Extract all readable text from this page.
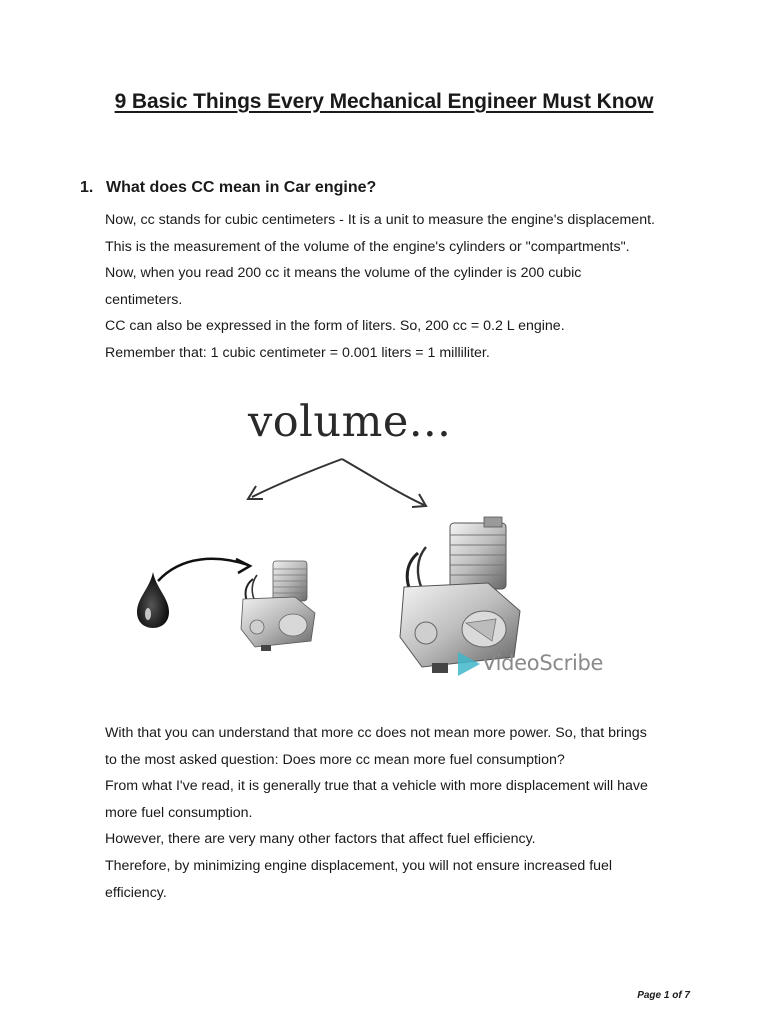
9 Basic Things Every Mechanical Engineer Must Know
1. What does CC mean in Car engine?

Now, cc stands for cubic centimeters - It is a unit to measure the engine's displacement.

This is the measurement of the volume of the engine's cylinders or "compartments".

Now, when you read 200 cc it means the volume of the cylinder is 200 cubic

centimeters.

CC can also be expressed in the form of liters. So, 200 cc = 0.2 L engine.

Remember that: 1 cubic centimeter = 0.001 liters = 1 milliliter.

volume...
VideoScribe

With that you can understand that more cc does not mean more power. So, that brings

to the most asked question: Does more cc mean more fuel consumption?

From what I've read, it is generally true that a vehicle with more displacement will have

more fuel consumption.

However, there are very many other factors that affect fuel efficiency.

Therefore, by minimizing engine displacement, you will not ensure increased fuel

efficiency.

Page 1 of 7
